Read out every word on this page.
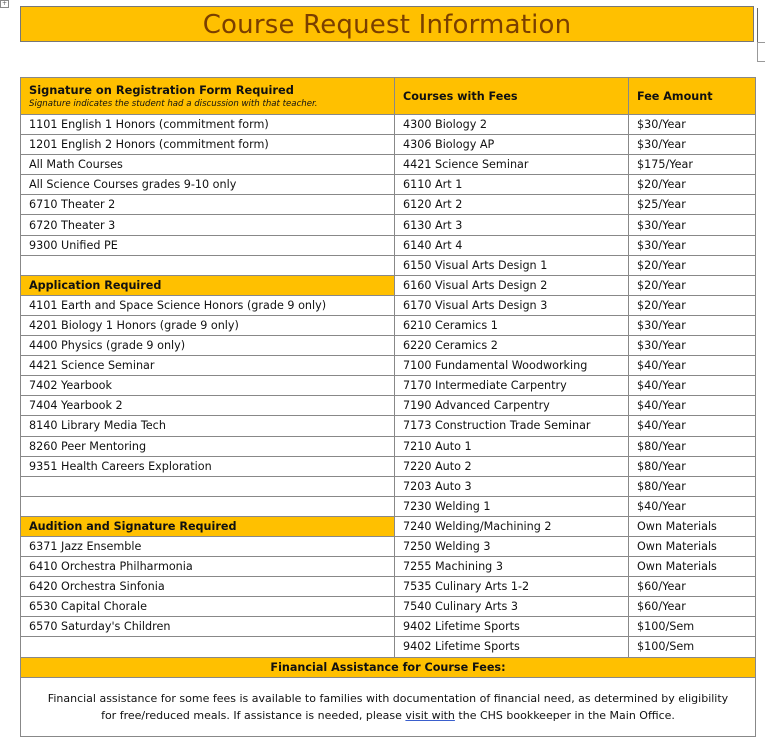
+
Course Request Information
Signature on Registration Form Required
Signature indicates the student had a discussion with that teacher.	Courses with Fees	Fee Amount
1101 English 1 Honors (commitment form)	4300 Biology 2	$30/Year
1201 English 2 Honors (commitment form)	4306 Biology AP	$30/Year
All Math Courses	4421 Science Seminar	$175/Year
All Science Courses grades 9-10 only	6110 Art 1	$20/Year
6710 Theater 2	6120 Art 2	$25/Year
6720 Theater 3	6130 Art 3	$30/Year
9300 Unified PE	6140 Art 4	$30/Year
	6150 Visual Arts Design 1	$20/Year
Application Required	6160 Visual Arts Design 2	$20/Year
4101 Earth and Space Science Honors (grade 9 only)	6170 Visual Arts Design 3	$20/Year
4201 Biology 1 Honors (grade 9 only)	6210 Ceramics 1	$30/Year
4400 Physics (grade 9 only)	6220 Ceramics 2	$30/Year
4421 Science Seminar	7100 Fundamental Woodworking	$40/Year
7402 Yearbook	7170 Intermediate Carpentry	$40/Year
7404 Yearbook 2	7190 Advanced Carpentry	$40/Year
8140 Library Media Tech	7173 Construction Trade Seminar	$40/Year
8260 Peer Mentoring	7210 Auto 1	$80/Year
9351 Health Careers Exploration	7220 Auto 2	$80/Year
	7203 Auto 3	$80/Year
	7230 Welding 1	$40/Year
Audition and Signature Required	7240 Welding/Machining 2	Own Materials
6371 Jazz Ensemble	7250 Welding 3	Own Materials
6410 Orchestra Philharmonia	7255 Machining 3	Own Materials
6420 Orchestra Sinfonia	7535 Culinary Arts 1-2	$60/Year
6530 Capital Chorale	7540 Culinary Arts 3	$60/Year
6570 Saturday's Children	9402 Lifetime Sports	$100/Sem
	9402 Lifetime Sports	$100/Sem
Financial Assistance for Course Fees:		
Financial assistance for some fees is available to families with documentation of financial need, as determined by eligibility for free/reduced meals. If assistance is needed, please visit with the CHS bookkeeper in the Main Office.		
